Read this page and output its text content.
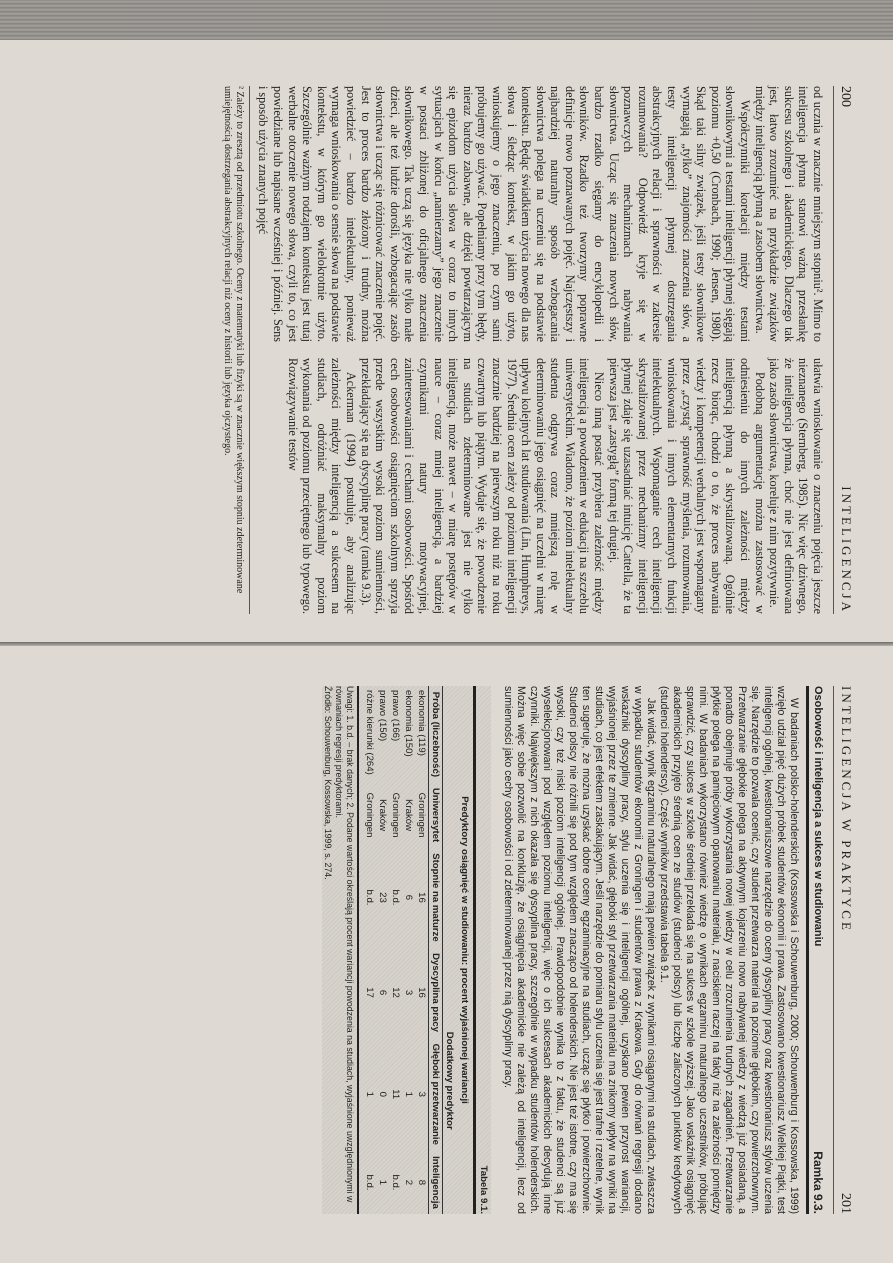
200
INTELIGENCJA

od ucznia w znacznie mniejszym stopniu². Mimo to inteligencja płynna stanowi ważną przesłankę sukcesu szkolnego i akademickiego. Dlaczego tak jest, łatwo zrozumieć na przykładzie związków między inteligencją płynną a zasobem słownictwa.

Współczynniki korelacji między testami słownikowymi a testami inteligencji płynnej sięgają poziomu +0,50 (Cronbach, 1990; Jensen, 1980). Skąd taki silny związek, jeśli testy słownikowe wymagają „tylko” znajomości znaczenia słów, a testy inteligencji płynnej dostrzegania abstrakcyjnych relacji i sprawności w zakresie rozumowania? Odpowiedź kryje się w poznawczych mechanizmach nabywania słownictwa. Ucząc się znaczenia nowych słów, bardzo rzadko sięgamy do encyklopedii i słowników. Rzadko też tworzymy poprawne definicje nowo poznawanych pojęć. Najczęstszy i najbardziej naturalny sposób wzbogacania słownictwa polega na uczeniu się na podstawie kontekstu. Będąc świadkiem użycia nowego dla nas słowa i śledząc kontekst, w jakim go użyto, wnioskujemy o jego znaczeniu, po czym sami próbujemy go używać. Popełniamy przy tym błędy, nieraz bardzo zabawne, ale dzięki powtarzającym się epizodom użycia słowa w coraz to innych sytuacjach w końcu „namierzamy” jego znaczenie w postaci zbliżonej do oficjalnego znaczenia słownikowego. Tak uczą się języka nie tylko małe dzieci, ale też ludzie dorośli, wzbogacając zasób słownictwa i ucząc się różnicować znaczenie pojęć. Jest to proces bardzo złożony i trudny, można powiedzieć – bardzo intelektualny, ponieważ wymaga wnioskowania o sensie słowa na podstawie kontekstu, w którym go wielokrotnie użyto. Szczególnie ważnym rodzajem kontekstu jest tutaj werbalne otoczenie nowego słowa, czyli to, co jest powiedziane lub napisane wcześniej i później. Sens i sposób użycia znanych pojęć

ułatwia wnioskowanie o znaczeniu pojęcia jeszcze nieznanego (Sternberg, 1985). Nic więc dziwnego, że inteligencja płynna, choć nie jest definiowana jako zasób słownictwa, koreluje z nim pozytywnie.

Podobną argumentację można zastosować w odniesieniu do innych zależności między inteligencją płynną a skrystalizowaną. Ogólnie rzecz biorąc, chodzi o to, że proces nabywania wiedzy i kompetencji werbalnych jest wspomagany przez „czystą” sprawność myślenia, rozumowania, wnioskowania i innych elementarnych funkcji intelektualnych. Wspomaganie cech inteligencji skrystalizowanej przez mechanizmy inteligencji płynnej zdaje się uzasadniać intuicję Cattella, że ta pierwsza jest „zastygłą” formą tej drugiej.

Nieco inną postać przybiera zależność między inteligencją a powodzeniem w edukacji na szczeblu uniwersyteckim. Wiadomo, że poziom intelektualny studenta odgrywa coraz mniejszą rolę w determinowaniu jego osiągnięć na uczelni w miarę upływu kolejnych lat studiowania (Lin, Humphreys, 1977). Średnia ocen zależy od poziomu inteligencji znacznie bardziej na pierwszym roku niż na roku czwartym lub piątym. Wydaje się, że powodzenie na studiach zdeterminowane jest nie tylko inteligencją, może nawet – w miarę postępów w nauce – coraz mniej inteligencją, a bardziej czynnikami natury motywacyjnej, zainteresowaniami i cechami osobowości. Spośród cech osobowości osiągnięciom szkolnym sprzyja przede wszystkim wysoki poziom sumienności, przekładający się na dyscyplinę pracy (ramka 9.3).

Ackerman (1994) postuluje, aby analizując zależności między inteligencją a sukcesem na studiach, odróżniać maksymalny poziom wykonania od poziomu przeciętnego lub typowego. Rozwiązywanie testów

² Zależy to zresztą od przedmiotu szkolnego. Oceny z matematyki lub fizyki są w znacznie większym stopniu zdeterminowane umiejętnością dostrzegania abstrakcyjnych relacji niż oceny z historii lub języka ojczystego.
INTELIGENCJA W PRAKTYCE
201
Osobowość i inteligencja a sukces w studiowaniu
Ramka 9.3.

W badaniach polsko-holenderskich (Kossowska i Schouwenburg, 2000; Schouwenburg i Kossowska, 1999) wzięło udział pięć dużych próbek studentów ekonomii i prawa. Zastosowano kwestionariusz Wielkiej Piątki, test inteligencji ogólnej, kwestionariuszowe narzędzie do oceny dyscypliny pracy oraz kwestionariusz stylów uczenia się. Narzędzie to pozwala ocenić, czy student przetwarza materiał na poziomie głębokim, czy powierzchownym. Przetwarzanie głębokie polega na aktywnym kojarzeniu nowo nabywanej wiedzy z wiedzą już posiadaną, a ponadto obejmuje próby wykorzystania nowej wiedzy w celu zrozumienia trudnych zagadnień. Przetwarzanie płytkie polega na pamięciowym opanowaniu materiału, z naciskiem raczej na fakty niż na zależności pomiędzy nimi. W badaniach wykorzystano również wiedzę o wynikach egzaminu maturalnego uczestników, próbując sprawdzić, czy sukces w szkole średniej przekłada się na sukces w szkole wyższej. Jako wskaźnik osiągnięć akademickich przyjęto średnią ocen ze studiów (studenci polscy) lub liczbę zaliczonych punktów kredytowych (studenci holenderscy). Część wyników przedstawia tabela 9.1.

Jak widać, wynik egzaminu maturalnego mają pewien związek z wynikami osiąganymi na studiach, zwłaszcza w wypadku studentów ekonomii z Groningen i studentów prawa z Krakowa. Gdy do równań regresji dodano wskaźniki dyscypliny pracy, stylu uczenia się i inteligencji ogólnej, uzyskano pewien przyrost wariancji, wyjaśnionej przez te zmienne. Jak widać, głęboki styl przetwarzania materiału ma znikomy wpływ na wyniki na studiach, co jest efektem zaskakującym. Jeśli narzędzie do pomiaru stylu uczenia się jest trafne i rzetelne, wynik ten sugeruje, że można uzyskać dobre oceny egzaminacyjne na studiach, ucząc się płytko i powierzchownie. Studenci polscy nie różnili się pod tym względem znacząco od holenderskich. Nie jest też istotne, czy ma się wysoki, czy też niski poziom inteligencji ogólnej. Prawdopodobnie wynika to z faktu, że studenci są już wyselekcjonowani pod względem poziomu inteligencji, więc o ich sukcesach akademickich decydują inne czynniki. Największym z nich okazała się dyscyplina pracy, szczególnie w wypadku studentów holenderskich. Można więc sobie pozwolić na konkluzję, że osiągnięcia akademickie nie zależą od inteligencji, lecz od sumienności jako cechy osobowości i od zdeterminowanej przez nią dyscypliny pracy.

Tabela 9.1.
Predyktory osiągnięć w studiowaniu: procent wyjaśnionej wariancji
			Dodatkowy predyktor		
Próba (liczebność)	Uniwersytet	Stopnie na maturze	Dyscyplina pracy	Głęboki przetwarzanie	Inteligencja
ekonomia (119)	Groningen	16	16	3	8
ekonomia (150)	Kraków	6	3	1	2
prawo (166)	Groningen	b.d.	12	11	b.d.
prawo (150)	Kraków	23	6	0	1
różne kierunki (264)	Groningen	b.d.	17	1	b.d.
Uwagi: 1. b.d. – brak danych; 2. Podane wartości określają procent wariancji powodzenia na studiach, wyjaśnione uwzględnionymi w równaniach regresji predyktorami.
Źródło: Schouwenburg, Kossowska, 1999, s. 274.
